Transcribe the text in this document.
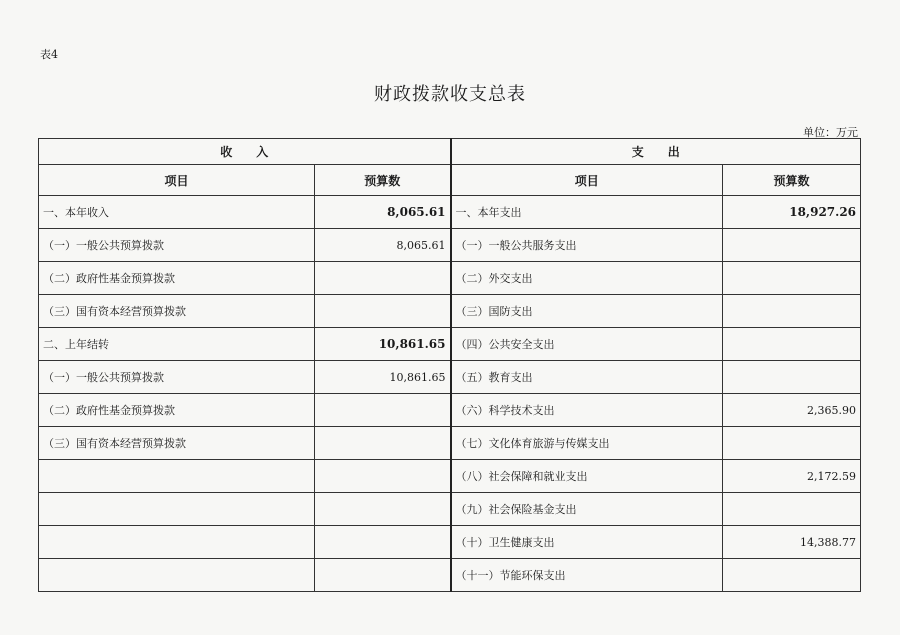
表4
财政拨款收支总表
单位：万元
收　　入		支　　出	
项目	预算数	项目	预算数
一、本年收入	8,065.61	一、本年支出	18,927.26
（一）一般公共预算拨款	8,065.61	（一）一般公共服务支出	
（二）政府性基金预算拨款		（二）外交支出	
（三）国有资本经营预算拨款		（三）国防支出	
二、上年结转	10,861.65	（四）公共安全支出	
（一）一般公共预算拨款	10,861.65	（五）教育支出	
（二）政府性基金预算拨款		（六）科学技术支出	2,365.90
（三）国有资本经营预算拨款		（七）文化体育旅游与传媒支出	
		（八）社会保障和就业支出	2,172.59
		（九）社会保险基金支出	
		（十）卫生健康支出	14,388.77
		（十一）节能环保支出	
